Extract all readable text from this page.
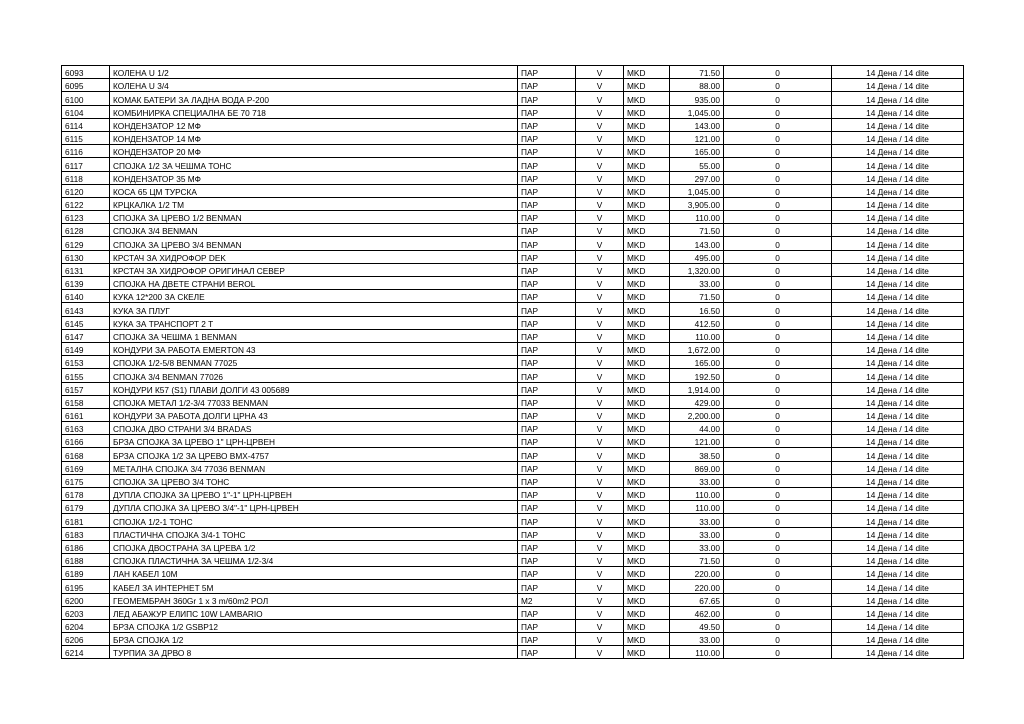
6093	КОЛЕНА U 1/2	ПАР	V	MKD	71.50	0	14 Дена / 14 dite
6095	КОЛЕНА U 3/4	ПАР	V	MKD	88.00	0	14 Дена / 14 dite
6100	КОМАК БАТЕРИ ЗА ЛАДНА ВОДА P-200	ПАР	V	MKD	935.00	0	14 Дена / 14 dite
6104	КОМБИНИРКА СПЕЦИАЛНА БЕ 70 718	ПАР	V	MKD	1,045.00	0	14 Дена / 14 dite
6114	КОНДЕНЗАТОР 12 МФ	ПАР	V	MKD	143.00	0	14 Дена / 14 dite
6115	КОНДЕНЗАТОР 14 МФ	ПАР	V	MKD	121.00	0	14 Дена / 14 dite
6116	КОНДЕНЗАТОР 20 МФ	ПАР	V	MKD	165.00	0	14 Дена / 14 dite
6117	СПОЈКА 1/2 ЗА ЧЕШМА ТОНС	ПАР	V	MKD	55.00	0	14 Дена / 14 dite
6118	КОНДЕНЗАТОР 35 МФ	ПАР	V	MKD	297.00	0	14 Дена / 14 dite
6120	КОСА 65 ЦМ ТУРСКА	ПАР	V	MKD	1,045.00	0	14 Дена / 14 dite
6122	КРЦКАЛКА 1/2 ТМ	ПАР	V	MKD	3,905.00	0	14 Дена / 14 dite
6123	СПОЈКА ЗА ЦРЕВО 1/2 BENMAN	ПАР	V	MKD	110.00	0	14 Дена / 14 dite
6128	СПОЈКА 3/4 BENMAN	ПАР	V	MKD	71.50	0	14 Дена / 14 dite
6129	СПОЈКА ЗА ЦРЕВО 3/4 BENMAN	ПАР	V	MKD	143.00	0	14 Дена / 14 dite
6130	КРСТАЧ ЗА ХИДРОФОР DEK	ПАР	V	MKD	495.00	0	14 Дена / 14 dite
6131	КРСТАЧ ЗА ХИДРОФОР ОРИГИНАЛ СЕВЕР	ПАР	V	MKD	1,320.00	0	14 Дена / 14 dite
6139	СПОЈКА НА ДВЕТЕ СТРАНИ BEROL	ПАР	V	MKD	33.00	0	14 Дена / 14 dite
6140	КУКА 12*200 ЗА СКЕЛЕ	ПАР	V	MKD	71.50	0	14 Дена / 14 dite
6143	КУКА ЗА ПЛУГ	ПАР	V	MKD	16.50	0	14 Дена / 14 dite
6145	КУКА ЗА ТРАНСПОРТ 2 Т	ПАР	V	MKD	412.50	0	14 Дена / 14 dite
6147	СПОЈКА ЗА ЧЕШМА 1 BENMAN	ПАР	V	MKD	110.00	0	14 Дена / 14 dite
6149	КОНДУРИ ЗА РАБОТА EMERTON 43	ПАР	V	MKD	1,672.00	0	14 Дена / 14 dite
6153	СПОЈКА 1/2-5/8 BENMAN 77025	ПАР	V	MKD	165.00	0	14 Дена / 14 dite
6155	СПОЈКА 3/4 BENMAN 77026	ПАР	V	MKD	192.50	0	14 Дена / 14 dite
6157	КОНДУРИ К57 (S1) ПЛАВИ ДОЛГИ 43 005689	ПАР	V	MKD	1,914.00	0	14 Дена / 14 dite
6158	СПОЈКА МЕТАЛ 1/2-3/4 77033 BENMAN	ПАР	V	MKD	429.00	0	14 Дена / 14 dite
6161	КОНДУРИ ЗА РАБОТА ДОЛГИ ЦРНА 43	ПАР	V	MKD	2,200.00	0	14 Дена / 14 dite
6163	СПОЈКА ДВО СТРАНИ 3/4 BRADAS	ПАР	V	MKD	44.00	0	14 Дена / 14 dite
6166	БРЗА СПОЈКА ЗА ЦРЕВО 1" ЦРН-ЦРВЕН	ПАР	V	MKD	121.00	0	14 Дена / 14 dite
6168	БРЗА СПОЈКА 1/2 ЗА ЦРЕВО BMX-4757	ПАР	V	MKD	38.50	0	14 Дена / 14 dite
6169	МЕТАЛНА СПОЈКА 3/4 77036 BENMAN	ПАР	V	MKD	869.00	0	14 Дена / 14 dite
6175	СПОЈКА ЗА ЦРЕВО 3/4 ТОНС	ПАР	V	MKD	33.00	0	14 Дена / 14 dite
6178	ДУПЛА СПОЈКА ЗА ЦРЕВО 1"-1" ЦРН-ЦРВЕН	ПАР	V	MKD	110.00	0	14 Дена / 14 dite
6179	ДУПЛА СПОЈКА ЗА ЦРЕВО 3/4"-1" ЦРН-ЦРВЕН	ПАР	V	MKD	110.00	0	14 Дена / 14 dite
6181	СПОЈКА 1/2-1 ТОНС	ПАР	V	MKD	33.00	0	14 Дена / 14 dite
6183	ПЛАСТИЧНА СПОЈКА 3/4-1 ТОНС	ПАР	V	MKD	33.00	0	14 Дена / 14 dite
6186	СПОЈКА ДВОСТРАНА ЗА ЦРЕВА 1/2	ПАР	V	MKD	33.00	0	14 Дена / 14 dite
6188	СПОЈКА ПЛАСТИЧНА ЗА ЧЕШМА 1/2-3/4	ПАР	V	MKD	71.50	0	14 Дена / 14 dite
6189	ЛАН КАБЕЛ 10M	ПАР	V	MKD	220.00	0	14 Дена / 14 dite
6195	КАБЕЛ ЗА ИНТЕРНЕТ 5M	ПАР	V	MKD	220.00	0	14 Дена / 14 dite
6200	ГЕОМЕМБРАН 360Gr 1 x 3 m/60m2 РОЛ	M2	V	MKD	67.65	0	14 Дена / 14 dite
6203	ЛЕД АБАЖУР ЕЛИПС 10W LAMBARIO	ПАР	V	MKD	462.00	0	14 Дена / 14 dite
6204	БРЗА СПОЈКА 1/2 GSBP12	ПАР	V	MKD	49.50	0	14 Дена / 14 dite
6206	БРЗА СПОЈКА 1/2	ПАР	V	MKD	33.00	0	14 Дена / 14 dite
6214	ТУРПИА ЗА ДРВО 8	ПАР	V	MKD	110.00	0	14 Дена / 14 dite
